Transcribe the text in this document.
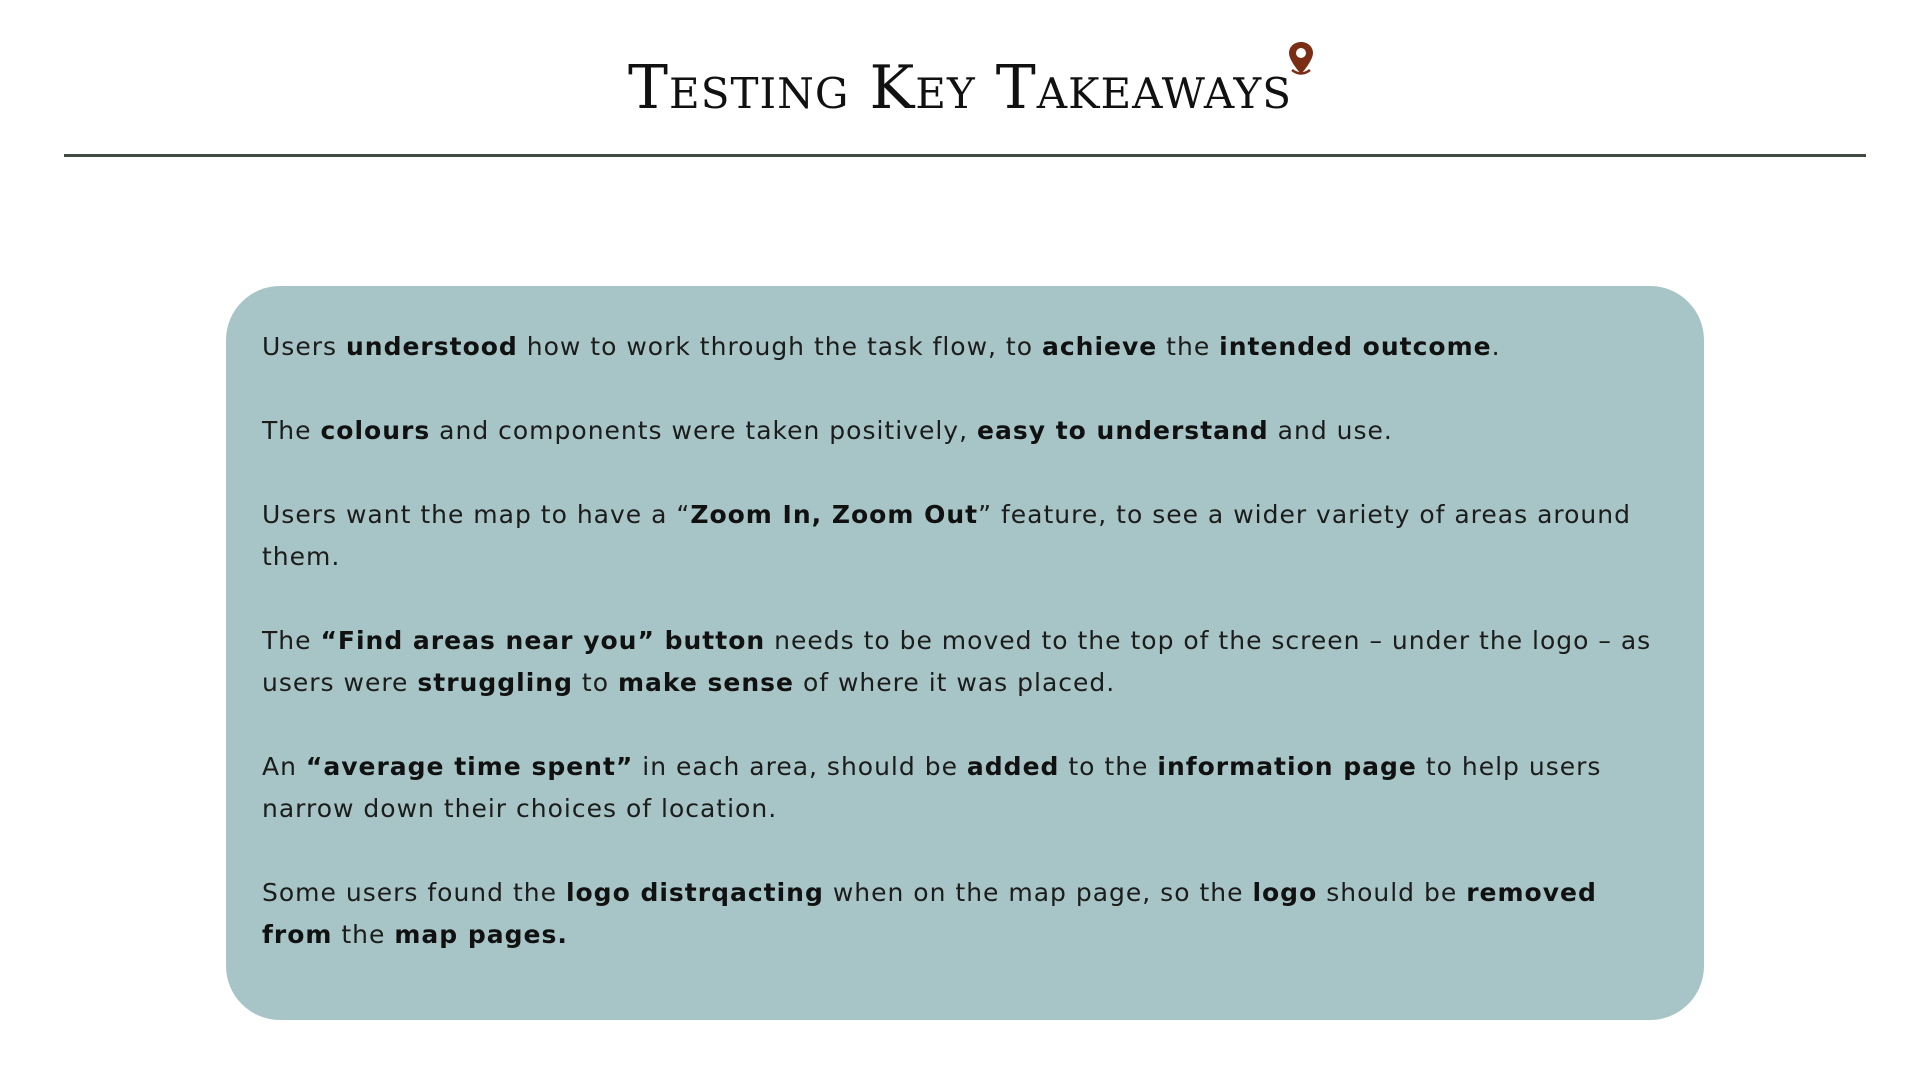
Testing Key Takeaways

Users understood how to work through the task flow, to achieve the intended outcome.

The colours and components were taken positively, easy to understand and use.

Users want the map to have a “Zoom In, Zoom Out” feature, to see a wider variety of areas around them.

The “Find areas near you” button needs to be moved to the top of the screen – under the logo – as users were struggling to make sense of where it was placed.

An “average time spent” in each area, should be added to the information page to help users narrow down their choices of location.

Some users found the logo distrqacting when on the map page, so the logo should be removed from the map pages.
